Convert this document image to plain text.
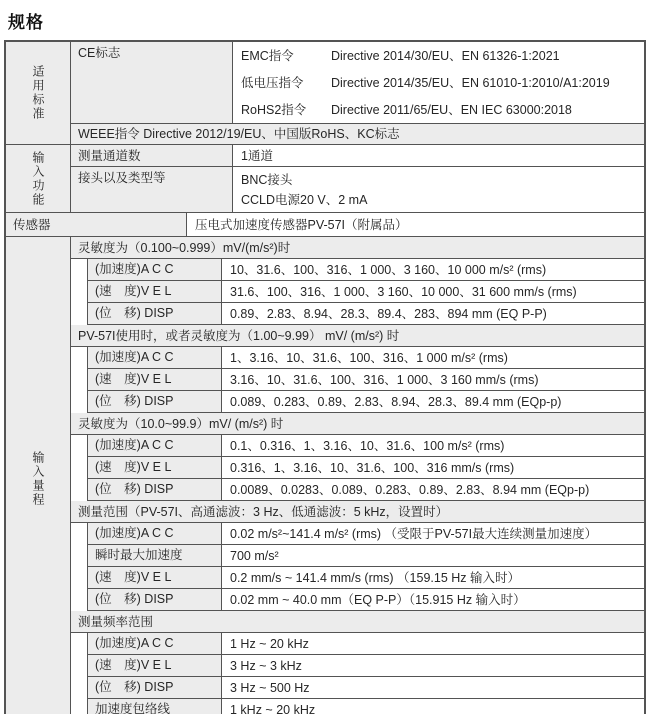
规格
适用标准
CE标志	EMC指令	Directive 2014/30/EU、EN 61326-1:2021
低电压指令	Directive 2014/35/EU、EN 61010-1:2010/A1:2019
RoHS2指令	Directive 2011/65/EU、EN IEC 63000:2018
WEEE指令 Directive 2012/19/EU、中国版RoHS、KC标志
输入功能	测量通道数	1通道
接头以及类型等	BNC接头
CCLD电源20 V、2 mA
传感器	压电式加速度传感器PV-57I（附属品）
输入量程
灵敏度为（0.100~0.999）mV/(m/s²)时
(加速度)A C C	10、31.6、100、316、1 000、3 160、10 000 m/s² (rms)
(速　度)V E L	31.6、100、316、1 000、3 160、10 000、31 600 mm/s (rms)
(位　移) DISP	0.89、2.83、8.94、28.3、89.4、283、894 mm (EQ P-P)
PV-57I使用时，或者灵敏度为（1.00~9.99） mV/ (m/s²) 时
(加速度)A C C	1、3.16、10、31.6、100、316、1 000 m/s² (rms)
(速　度)V E L	3.16、10、31.6、100、316、1 000、3 160 mm/s (rms)
(位　移) DISP	0.089、0.283、0.89、2.83、8.94、28.3、89.4 mm (EQp-p)
灵敏度为（10.0~99.9）mV/ (m/s²) 时
(加速度)A C C	0.1、0.316、1、3.16、10、31.6、100 m/s² (rms)
(速　度)V E L	0.316、1、3.16、10、31.6、100、316 mm/s (rms)
(位　移) DISP	0.0089、0.0283、0.089、0.283、0.89、2.83、8.94 mm (EQp-p)
测量范围（PV-57I、高通滤波：3 Hz、低通滤波：5 kHz，设置时）
(加速度)A C C	0.02 m/s²~141.4 m/s² (rms) （受限于PV-57I最大连续测量加速度）
瞬时最大加速度	700 m/s²
(速　度)V E L	0.2 mm/s ~ 141.4 mm/s (rms) （159.15 Hz 输入时）
(位　移) DISP	0.02 mm ~ 40.0 mm（EQ P-P）（15.915 Hz 输入时）
测量频率范围
(加速度)A C C	1 Hz ~ 20 kHz
(速　度)V E L	3 Hz ~ 3 kHz
(位　移) DISP	3 Hz ~ 500 Hz
加速度包络线	1 kHz ~ 20 kHz
